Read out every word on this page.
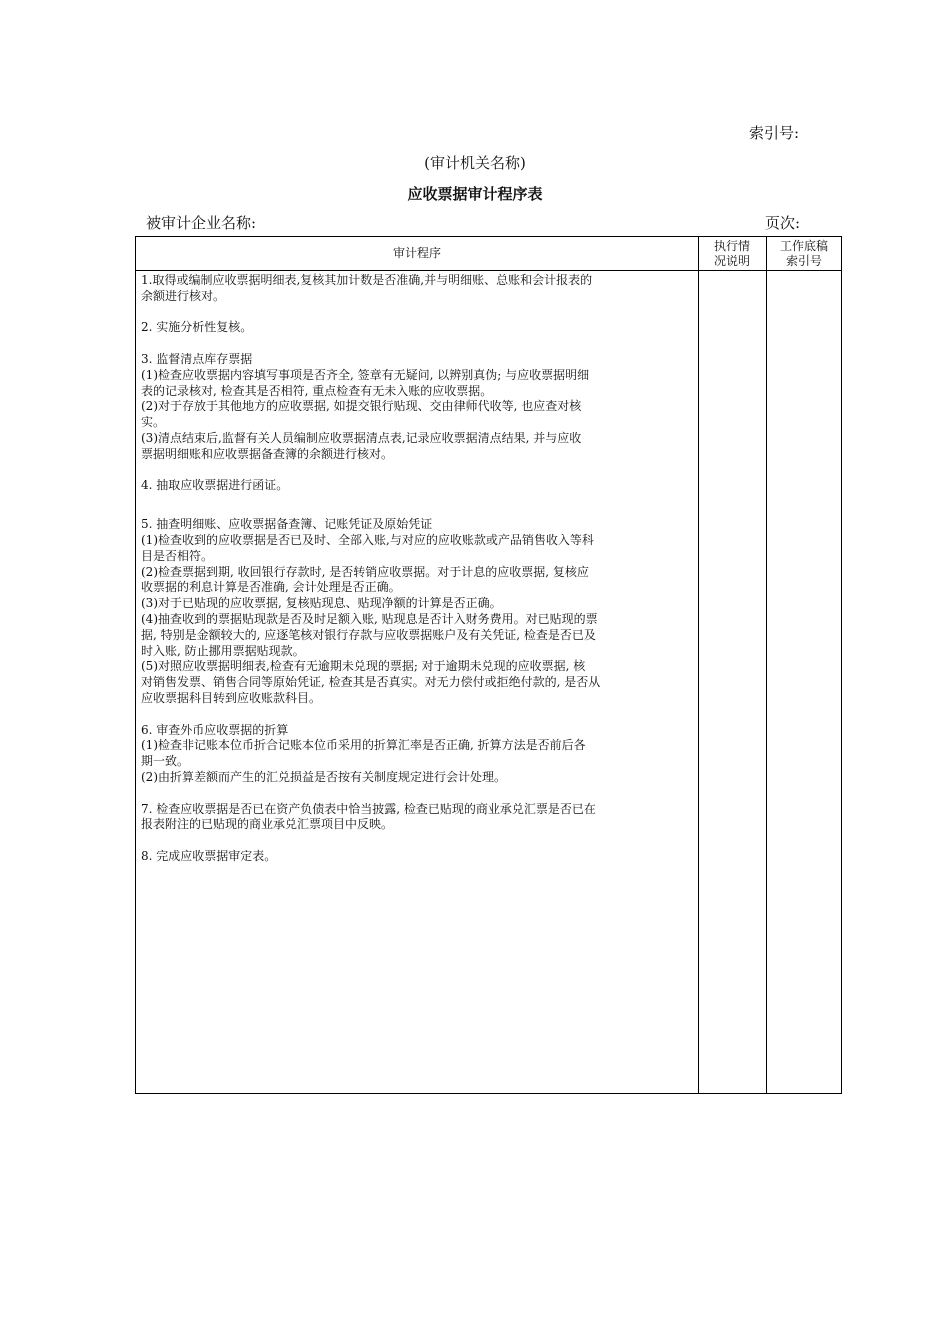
索引号:
(审计机关名称)
应收票据审计程序表
被审计企业名称:	页次:
审计程序
执行情
况说明
工作底稿
索引号

1.取得或编制应收票据明细表,复核其加计数是否准确,并与明细账、总账和会计报表的

余额进行核对。

2. 实施分析性复核。

3. 监督清点库存票据

(1)检查应收票据内容填写事项是否齐全, 签章有无疑问, 以辨别真伪; 与应收票据明细

表的记录核对, 检查其是否相符, 重点检查有无未入账的应收票据。

(2)对于存放于其他地方的应收票据, 如提交银行贴现、交由律师代收等, 也应查对核

实。

(3)清点结束后,监督有关人员编制应收票据清点表,记录应收票据清点结果, 并与应收

票据明细账和应收票据备查簿的余额进行核对。

4. 抽取应收票据进行函证。

5. 抽查明细账、应收票据备查簿、记账凭证及原始凭证

(1)检查收到的应收票据是否已及时、全部入账,与对应的应收账款或产品销售收入等科

目是否相符。

(2)检查票据到期, 收回银行存款时, 是否转销应收票据。对于计息的应收票据, 复核应

收票据的利息计算是否准确, 会计处理是否正确。

(3)对于已贴现的应收票据, 复核贴现息、贴现净额的计算是否正确。

(4)抽查收到的票据贴现款是否及时足额入账, 贴现息是否计入财务费用。对已贴现的票

据, 特别是金额较大的, 应逐笔核对银行存款与应收票据账户及有关凭证, 检查是否已及

时入账, 防止挪用票据贴现款。

(5)对照应收票据明细表,检查有无逾期未兑现的票据; 对于逾期未兑现的应收票据, 核

对销售发票、销售合同等原始凭证, 检查其是否真实。对无力偿付或拒绝付款的, 是否从

应收票据科目转到应收账款科目。

6. 审查外币应收票据的折算

(1)检查非记账本位币折合记账本位币采用的折算汇率是否正确, 折算方法是否前后各

期一致。

(2)由折算差额而产生的汇兑损益是否按有关制度规定进行会计处理。

7. 检查应收票据是否已在资产负债表中恰当披露, 检查已贴现的商业承兑汇票是否已在

报表附注的已贴现的商业承兑汇票项目中反映。

8. 完成应收票据审定表。
